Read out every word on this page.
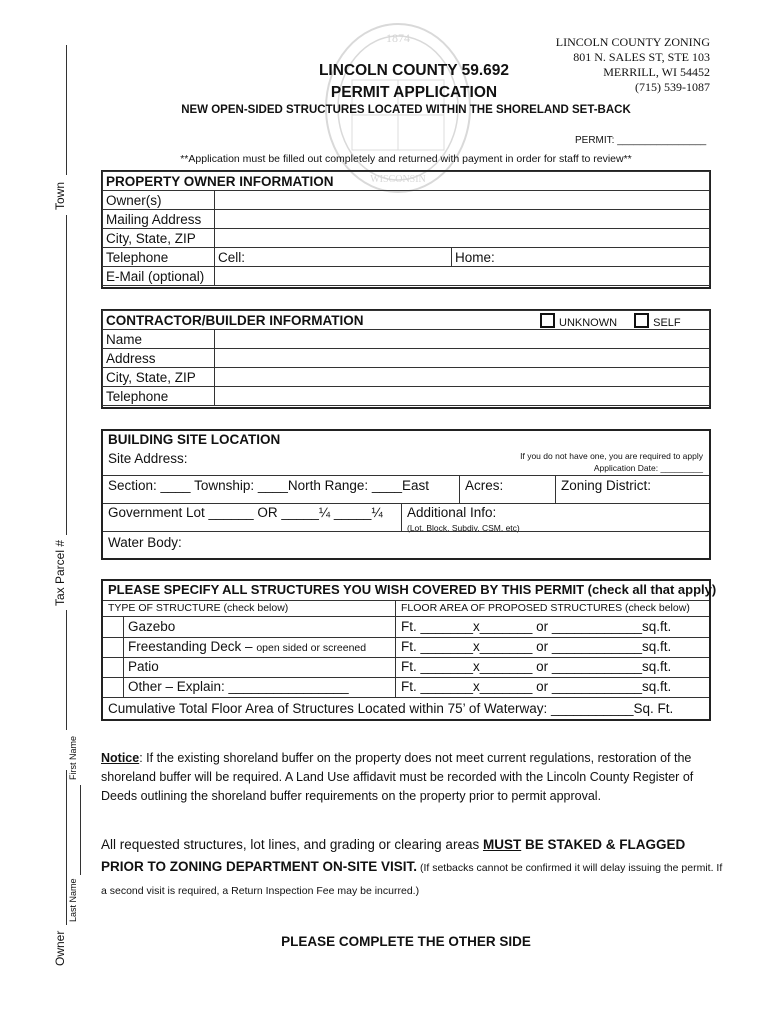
1874
WISCONSIN
LINCOLN COUNTY 59.692
PERMIT APPLICATION
LINCOLN COUNTY ZONING
801 N. SALES ST, STE 103
MERRILL, WI 54452
(715) 539-1087
NEW OPEN-SIDED STRUCTURES LOCATED WITHIN THE SHORELAND SET-BACK
PERMIT: ________________
**Application must be filled out completely and returned with payment in order for staff to review**
Town
Tax Parcel #
First Name
Last Name
Owner
PROPERTY OWNER INFORMATION		
Owner(s)		
Mailing Address		
City, State, ZIP		
Telephone	Cell:	Home:
E-Mail (optional)		
CONTRACTOR/BUILDER INFORMATION UNKNOWN SELF	

Name	
Address	
City, State, ZIP	
Telephone	
BUILDING SITE LOCATION
Site Address:	If you do not have one, you are required to apply
Application Date: _________
Section: ____ Township: ____North Range: ____East	Acres:	Zoning District:
Government Lot ______ OR _____¼ _____¼ Additional Info:
(Lot, Block, Subdiv, CSM, etc)
Water Body:
PLEASE SPECIFY ALL STRUCTURES YOU WISH COVERED BY THIS PERMIT (check all that apply)
TYPE OF STRUCTURE (check below)	FLOOR AREA OF PROPOSED STRUCTURES (check below)
Gazebo	Ft. _______x_______ or ____________sq.ft.
Freestanding Deck – open sided or screened	Ft. _______x_______ or ____________sq.ft.
Patio	Ft. _______x_______ or ____________sq.ft.
Other – Explain: ________________	Ft. _______x_______ or ____________sq.ft.
Cumulative Total Floor Area of Structures Located within 75’ of Waterway: ___________Sq. Ft.
Notice: If the existing shoreland buffer on the property does not meet current regulations, restoration of the shoreland buffer will be required. A Land Use affidavit must be recorded with the Lincoln County Register of Deeds outlining the shoreland buffer requirements on the property prior to permit approval.
All requested structures, lot lines, and grading or clearing areas MUST BE STAKED & FLAGGED PRIOR TO ZONING DEPARTMENT ON-SITE VISIT. (If setbacks cannot be confirmed it will delay issuing the permit. If a second visit is required, a Return Inspection Fee may be incurred.)
PLEASE COMPLETE THE OTHER SIDE
